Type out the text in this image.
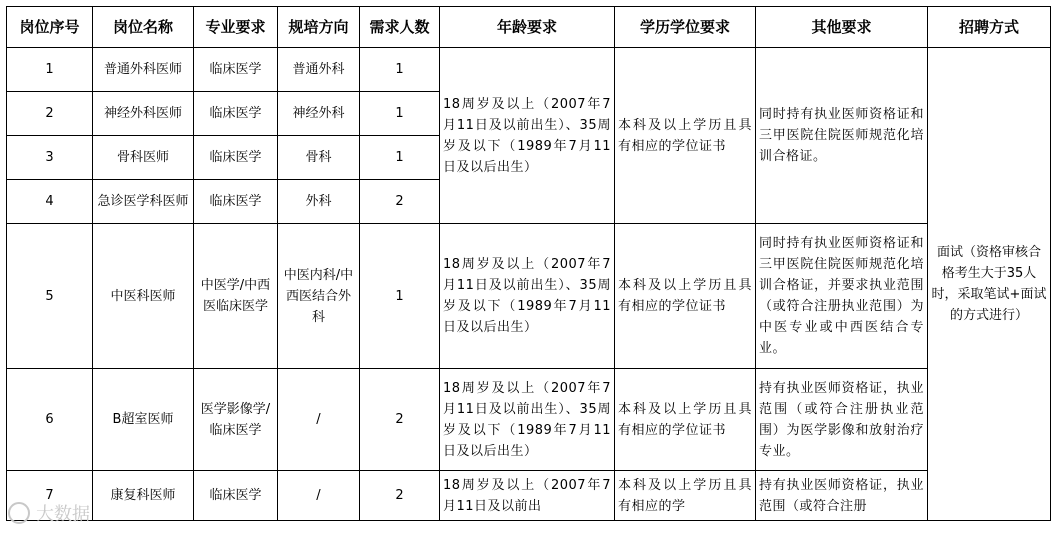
岗位序号	岗位名称	专业要求	规培方向	需求人数	年龄要求	学历学位要求	其他要求	招聘方式
1	普通外科医师	临床医学	普通外科	1	18周岁及以上（2007年7月11日及以前出生）、35周岁及以下（1989年7月11日及以后出生）	本科及以上学历且具有相应的学位证书	同时持有执业医师资格证和三甲医院住院医师规范化培训合格证。	面试（资格审核合格考生大于35人时，采取笔试+面试的方式进行）
2	神经外科医师	临床医学	神经外科	1				
3	骨科医师	临床医学	骨科	1				
4	急诊医学科医师	临床医学	外科	2				
5	中医科医师	中医学/中西医临床医学	中医内科/中西医结合外科	1	18周岁及以上（2007年7月11日及以前出生）、35周岁及以下（1989年7月11日及以后出生）	本科及以上学历且具有相应的学位证书	同时持有执业医师资格证和三甲医院住院医师规范化培训合格证，并要求执业范围（或符合注册执业范围）为中医专业或中西医结合专业。	
6	B超室医师	医学影像学/临床医学	/	2	18周岁及以上（2007年7月11日及以前出生）、35周岁及以下（1989年7月11日及以后出生）	本科及以上学历且具有相应的学位证书	持有执业医师资格证，执业范围（或符合注册执业范围）为医学影像和放射治疗专业。	
7	康复科医师	临床医学	/	2	18周岁及以上（2007年7月11日及以前出	本科及以上学历且具有相应的学	持有执业医师资格证，执业范围（或符合注册	
大数据
